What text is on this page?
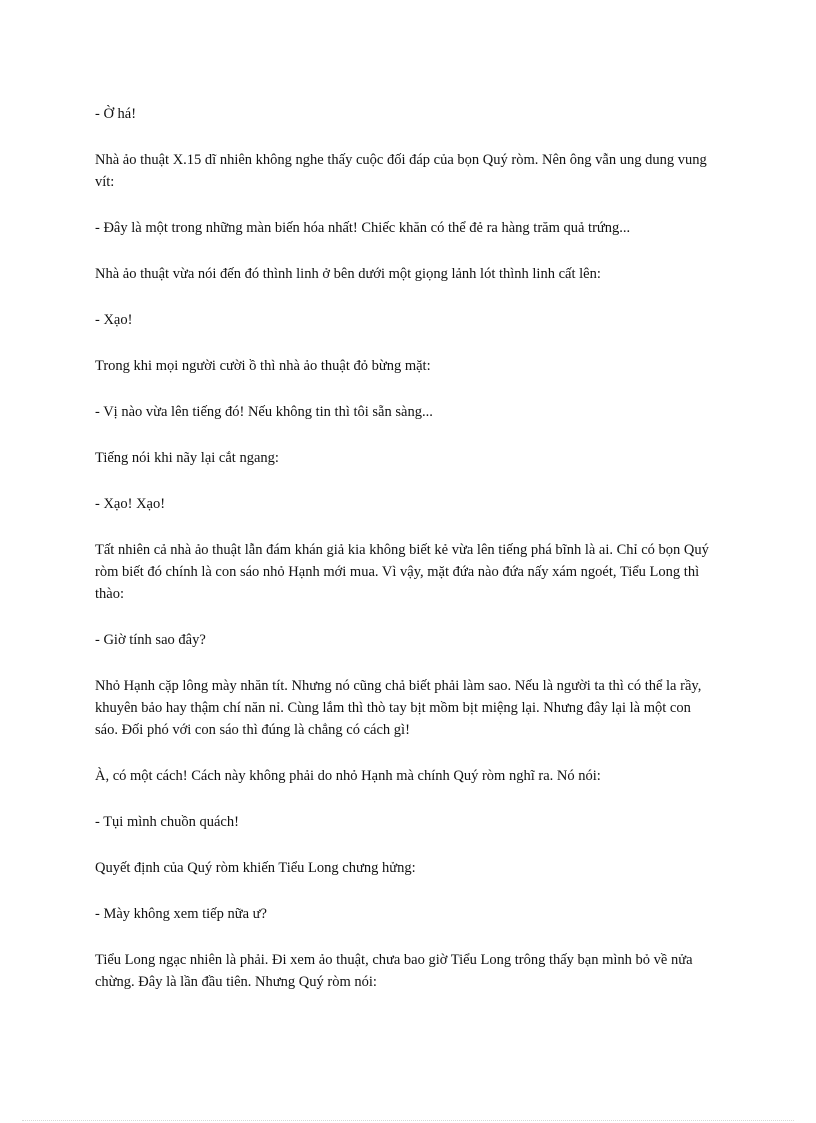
- Ờ há!

Nhà ảo thuật X.15 dĩ nhiên không nghe thấy cuộc đối đáp của bọn Quý ròm. Nên ông vẫn ung dung vung vít:

- Đây là một trong những màn biến hóa nhất! Chiếc khăn có thể đẻ ra hàng trăm quả trứng...

Nhà ảo thuật vừa nói đến đó thình linh ở bên dưới một giọng lảnh lót thình linh cất lên:

- Xạo!

Trong khi mọi người cười ồ thì nhà ảo thuật đỏ bừng mặt:

- Vị nào vừa lên tiếng đó! Nếu không tin thì tôi sẵn sàng...

Tiếng nói khi nãy lại cắt ngang:

- Xạo! Xạo!

Tất nhiên cả nhà ảo thuật lẫn đám khán giả kia không biết kẻ vừa lên tiếng phá bĩnh là ai. Chỉ có bọn Quý ròm biết đó chính là con sáo nhỏ Hạnh mới mua. Vì vậy, mặt đứa nào đứa nấy xám ngoét, Tiểu Long thì thào:

- Giờ tính sao đây?

Nhỏ Hạnh cặp lông mày nhăn tít. Nhưng nó cũng chả biết phải làm sao. Nếu là người ta thì có thể la rầy, khuyên bảo hay thậm chí năn nỉ. Cùng lắm thì thò tay bịt mồm bịt miệng lại. Nhưng đây lại là một con sáo. Đối phó với con sáo thì đúng là chẳng có cách gì!

À, có một cách! Cách này không phải do nhỏ Hạnh mà chính Quý ròm nghĩ ra. Nó nói:

- Tụi mình chuồn quách!

Quyết định của Quý ròm khiến Tiểu Long chưng hửng:

- Mày không xem tiếp nữa ư?

Tiểu Long ngạc nhiên là phải. Đi xem ảo thuật, chưa bao giờ Tiểu Long trông thấy bạn mình bỏ về nửa chừng. Đây là lần đầu tiên. Nhưng Quý ròm nói:
